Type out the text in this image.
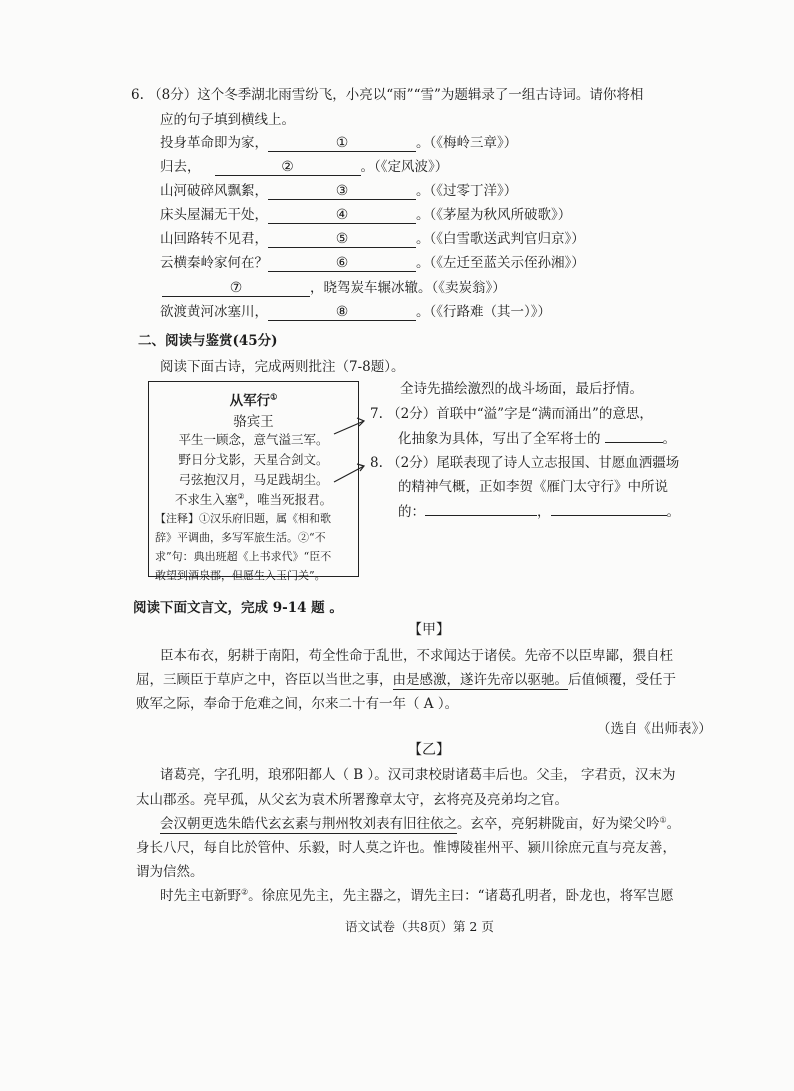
6. （8分）这个冬季湖北雨雪纷飞，小亮以“雨”“雪”为题辑录了一组古诗词。请你将相
应的句子填到横线上。
投身革命即为家，	①	。（《梅岭三章》）
归去，	②	。（《定风波》）
山河破碎风飘絮，	③	。（《过零丁洋》）
床头屋漏无干处，	④	。（《茅屋为秋风所破歌》）
山回路转不见君，	⑤	。（《白雪歌送武判官归京》）
云横秦岭家何在？	⑥	。（《左迁至蓝关示侄孙湘》）
⑦	，晓驾炭车辗冰辙。（《卖炭翁》）
欲渡黄河冰塞川，	⑧	。（《行路难（其一）》）
二、阅读与鉴赏(45分)
阅读下面古诗，完成两则批注（7-8题）。
从军行①
骆宾王
平生一顾念，意气溢三军。
野日分戈影，天星合剑文。
弓弦抱汉月，马足践胡尘。
不求生入塞②，唯当死报君。
【注释】①汉乐府旧题，属《相和歌
辞》平调曲，多写军旅生活。②“不
求”句：典出班超《上书求代》“臣不
敢望到酒泉郡，但愿生入玉门关”。
全诗先描绘激烈的战斗场面，最后抒情。
7. （2分）首联中“溢”字是“满而涌出”的意思，
化抽象为具体，写出了全军将士的	。
8. （2分）尾联表现了诗人立志报国、甘愿血洒疆场
的精神气概，正如李贺《雁门太守行》中所说
的：	，	。
阅读下面文言文，完成 9-14 题 。
【甲】
臣本布衣，躬耕于南阳，苟全性命于乱世，不求闻达于诸侯。先帝不以臣卑鄙，猥自枉
屈，三顾臣于草庐之中，咨臣以当世之事，由是感激，遂许先帝以驱驰。后值倾覆，受任于
败军之际，奉命于危难之间，尔来二十有一年（ A ）。
（选自《出师表》）
【乙】
诸葛亮，字孔明，琅邪阳都人（ B ）。汉司隶校尉诸葛丰后也。父圭， 字君贡，汉末为
太山郡丞。亮早孤，从父玄为袁术所署豫章太守，玄将亮及亮弟均之官。
会汉朝更选朱皓代玄玄素与荆州牧刘表有旧往依之。玄卒，亮躬耕陇亩，好为梁父吟①。
身长八尺，每自比於管仲、乐毅，时人莫之许也。惟博陵崔州平、颍川徐庶元直与亮友善，
谓为信然。
时先主屯新野②。徐庶见先主，先主器之，谓先主曰：“诸葛孔明者，卧龙也，将军岂愿
语文试卷（共8页）第 2 页
